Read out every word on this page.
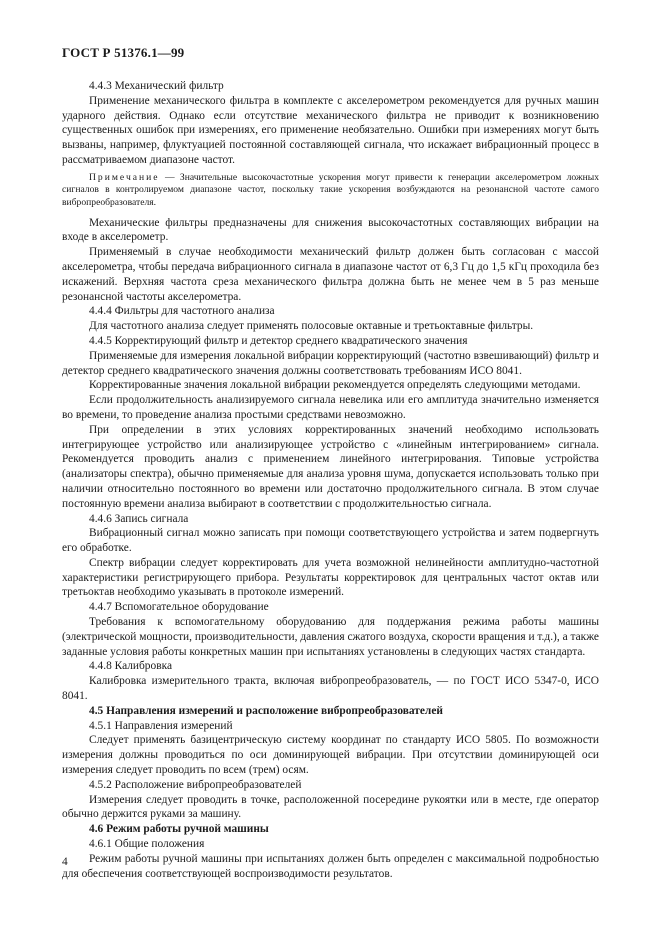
ГОСТ Р 51376.1—99

4.4.3 Механический фильтр

Применение механического фильтра в комплекте с акселерометром рекомендуется для ручных машин ударного действия. Однако если отсутствие механического фильтра не приводит к возникновению существенных ошибок при измерениях, его применение необязательно. Ошибки при измерениях могут быть вызваны, например, флуктуацией постоянной составляющей сигнала, что искажает вибрационный процесс в рассматриваемом диапазоне частот.

Примечание — Значительные высокочастотные ускорения могут привести к генерации акселерометром ложных сигналов в контролируемом диапазоне частот, поскольку такие ускорения возбуждаются на резонансной частоте самого вибропреобразователя.

Механические фильтры предназначены для снижения высокочастотных составляющих вибрации на входе в акселерометр.

Применяемый в случае необходимости механический фильтр должен быть согласован с массой акселерометра, чтобы передача вибрационного сигнала в диапазоне частот от 6,3 Гц до 1,5 кГц проходила без искажений. Верхняя частота среза механического фильтра должна быть не менее чем в 5 раз меньше резонансной частоты акселерометра.

4.4.4 Фильтры для частотного анализа

Для частотного анализа следует применять полосовые октавные и третьоктавные фильтры.

4.4.5 Корректирующий фильтр и детектор среднего квадратического значения

Применяемые для измерения локальной вибрации корректирующий (частотно взвешивающий) фильтр и детектор среднего квадратического значения должны соответствовать требованиям ИСО 8041.

Корректированные значения локальной вибрации рекомендуется определять следующими методами.

Если продолжительность анализируемого сигнала невелика или его амплитуда значительно изменяется во времени, то проведение анализа простыми средствами невозможно.

При определении в этих условиях корректированных значений необходимо использовать интегрирующее устройство или анализирующее устройство с «линейным интегрированием» сигнала. Рекомендуется проводить анализ с применением линейного интегрирования. Типовые устройства (анализаторы спектра), обычно применяемые для анализа уровня шума, допускается использовать только при наличии относительно постоянного во времени или достаточно продолжительного сигнала. В этом случае постоянную времени анализа выбирают в соответствии с продолжительностью сигнала.

4.4.6 Запись сигнала

Вибрационный сигнал можно записать при помощи соответствующего устройства и затем подвергнуть его обработке.

Спектр вибрации следует корректировать для учета возможной нелинейности амплитудно-частотной характеристики регистрирующего прибора. Результаты корректировок для центральных частот октав или третьоктав необходимо указывать в протоколе измерений.

4.4.7 Вспомогательное оборудование

Требования к вспомогательному оборудованию для поддержания режима работы машины (электрической мощности, производительности, давления сжатого воздуха, скорости вращения и т.д.), а также заданные условия работы конкретных машин при испытаниях установлены в следующих частях стандарта.

4.4.8 Калибровка

Калибровка измерительного тракта, включая вибропреобразователь, — по ГОСТ ИСО 5347-0, ИСО 8041.

4.5 Направления измерений и расположение вибропреобразователей

4.5.1 Направления измерений

Следует применять базицентрическую систему координат по стандарту ИСО 5805. По возможности измерения должны проводиться по оси доминирующей вибрации. При отсутствии доминирующей оси измерения следует проводить по всем (трем) осям.

4.5.2 Расположение вибропреобразователей

Измерения следует проводить в точке, расположенной посередине рукоятки или в месте, где оператор обычно держится руками за машину.

4.6 Режим работы ручной машины

4.6.1 Общие положения

Режим работы ручной машины при испытаниях должен быть определен с максимальной подробностью для обеспечения соответствующей воспроизводимости результатов.

4
